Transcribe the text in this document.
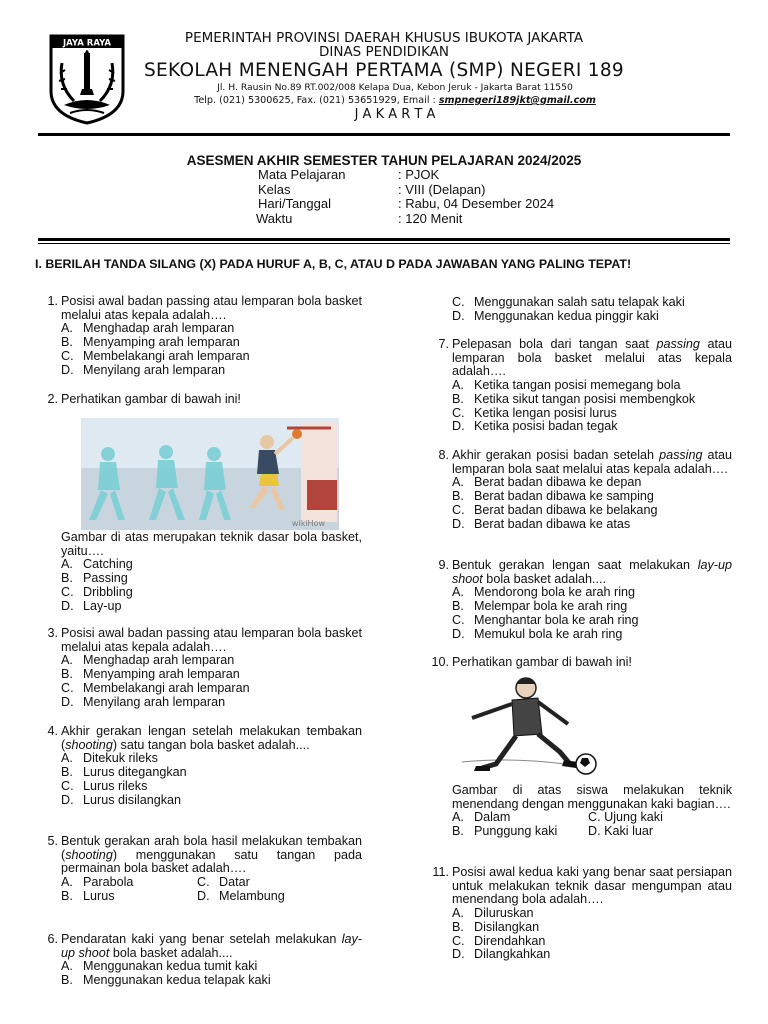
JAYA RAYA	PEMERINTAH PROVINSI DAERAH KHUSUS IBUKOTA JAKARTA
DINAS PENDIDIKAN
SEKOLAH MENENGAH PERTAMA (SMP) NEGERI 189
Jl. H. Rausin No.89 RT.002/008 Kelapa Dua, Kebon Jeruk - Jakarta Barat 11550
Telp. (021) 5300625, Fax. (021) 53651929, Email : smpnegeri189jkt@gmail.com
J A K A R T A
ASESMEN AKHIR SEMESTER TAHUN PELAJARAN 2024/2025
Mata Pelajaran	: PJOK
Kelas	: VIII (Delapan)
Hari/Tanggal	: Rabu, 04 Desember 2024
Waktu	: 120 Menit
I. BERILAH TANDA SILANG (X) PADA HURUF A, B, C, ATAU D PADA JAWABAN YANG PALING TEPAT!
1. Posisi awal badan passing atau lemparan bola basket melalui atas kepala adalah….
A. Menghadap arah lemparan
B. Menyamping arah lemparan
C. Membelakangi arah lemparan
D. Menyilang arah lemparan
2. Perhatikan gambar di bawah ini!
wikiHow
Gambar di atas merupakan teknik dasar bola basket, yaitu….
A. Catching
B. Passing
C. Dribbling
D. Lay-up
3. Posisi awal badan passing atau lemparan bola basket melalui atas kepala adalah….
A. Menghadap arah lemparan
B. Menyamping arah lemparan
C. Membelakangi arah lemparan
D. Menyilang arah lemparan
4. Akhir gerakan lengan setelah melakukan tembakan (shooting) satu tangan bola basket adalah....
A. Ditekuk rileks
B. Lurus ditegangkan
C. Lurus rileks
D. Lurus disilangkan
5. Bentuk gerakan arah bola hasil melakukan tembakan (shooting) menggunakan satu tangan pada permainan bola basket adalah….
A. Parabola	C. Datar
B. Lurus	D. Melambung
6. Pendaratan kaki yang benar setelah melakukan lay-up shoot bola basket adalah....
A. Menggunakan kedua tumit kaki
B. Menggunakan kedua telapak kaki
C. Menggunakan salah satu telapak kaki
D. Menggunakan kedua pinggir kaki
7. Pelepasan bola dari tangan saat passing atau lemparan bola basket melalui atas kepala adalah….
A. Ketika tangan posisi memegang bola
B. Ketika sikut tangan posisi membengkok
C. Ketika lengan posisi lurus
D. Ketika posisi badan tegak
8. Akhir gerakan posisi badan setelah passing atau lemparan bola saat melalui atas kepala adalah….
A. Berat badan dibawa ke depan
B. Berat badan dibawa ke samping
C. Berat badan dibawa ke belakang
D. Berat badan dibawa ke atas
9. Bentuk gerakan lengan saat melakukan lay-up shoot bola basket adalah....
A. Mendorong bola ke arah ring
B. Melempar bola ke arah ring
C. Menghantar bola ke arah ring
D. Memukul bola ke arah ring
10. Perhatikan gambar di bawah ini!
Gambar di atas siswa melakukan teknik menendang dengan menggunakan kaki bagian….
A. Dalam	C. Ujung kaki
B. Punggung kaki D. Kaki luar
11. Posisi awal kedua kaki yang benar saat persiapan untuk melakukan teknik dasar mengumpan atau menendang bola adalah….
A. Diluruskan
B. Disilangkan
C. Direndahkan
D. Dilangkahkan
